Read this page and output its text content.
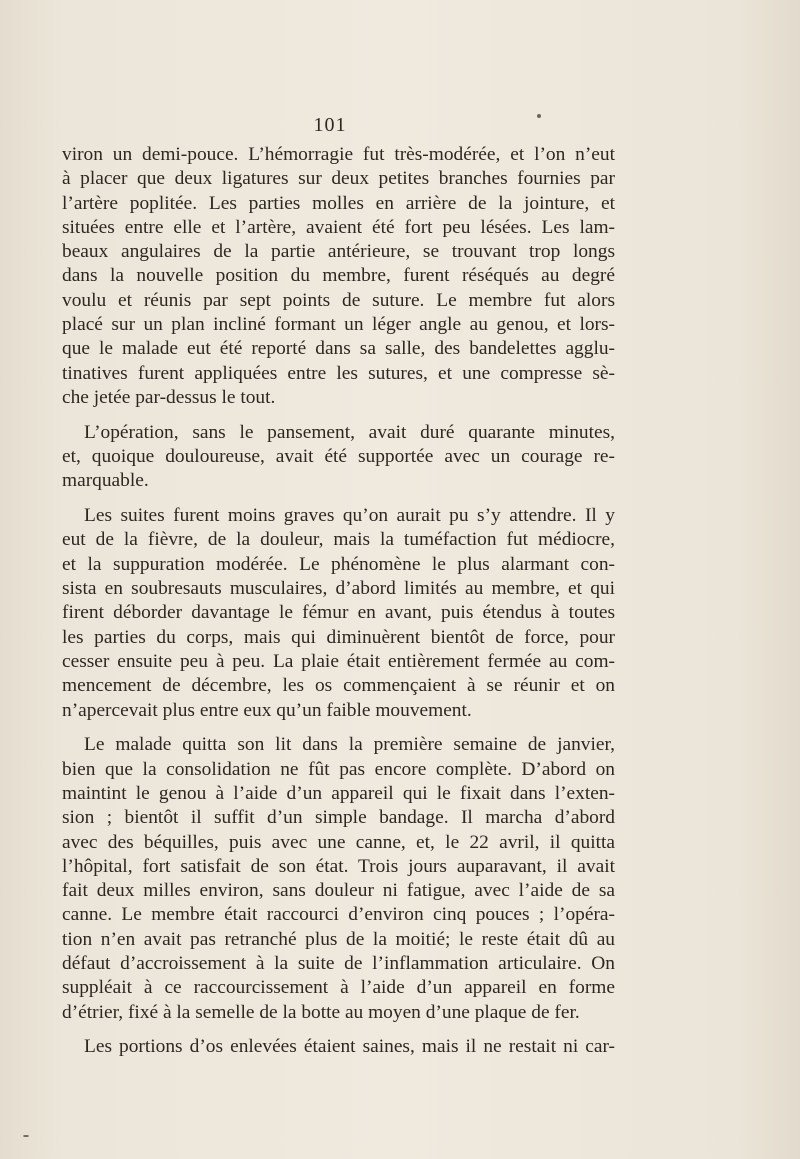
101
viron un demi-pouce. L’hémorragie fut très-modérée, et l’on n’eut
à placer que deux ligatures sur deux petites branches fournies par
l’artère poplitée. Les parties molles en arrière de la jointure, et
situées entre elle et l’artère, avaient été fort peu lésées. Les lam-
beaux angulaires de la partie antérieure, se trouvant trop longs
dans la nouvelle position du membre, furent réséqués au degré
voulu et réunis par sept points de suture. Le membre fut alors
placé sur un plan incliné formant un léger angle au genou, et lors-
que le malade eut été reporté dans sa salle, des bandelettes agglu-
tinatives furent appliquées entre les sutures, et une compresse sè-
che jetée par-dessus le tout.
L’opération, sans le pansement, avait duré quarante minutes,
et, quoique douloureuse, avait été supportée avec un courage re-
marquable.
Les suites furent moins graves qu’on aurait pu s’y attendre. Il y
eut de la fièvre, de la douleur, mais la tuméfaction fut médiocre,
et la suppuration modérée. Le phénomène le plus alarmant con-
sista en soubresauts musculaires, d’abord limités au membre, et qui
firent déborder davantage le fémur en avant, puis étendus à toutes
les parties du corps, mais qui diminuèrent bientôt de force, pour
cesser ensuite peu à peu. La plaie était entièrement fermée au com-
mencement de décembre, les os commençaient à se réunir et on
n’apercevait plus entre eux qu’un faible mouvement.
Le malade quitta son lit dans la première semaine de janvier,
bien que la consolidation ne fût pas encore complète. D’abord on
maintint le genou à l’aide d’un appareil qui le fixait dans l’exten-
sion ; bientôt il suffit d’un simple bandage. Il marcha d’abord
avec des béquilles, puis avec une canne, et, le 22 avril, il quitta
l’hôpital, fort satisfait de son état. Trois jours auparavant, il avait
fait deux milles environ, sans douleur ni fatigue, avec l’aide de sa
canne. Le membre était raccourci d’environ cinq pouces ; l’opéra-
tion n’en avait pas retranché plus de la moitié; le reste était dû au
défaut d’accroissement à la suite de l’inflammation articulaire. On
suppléait à ce raccourcissement à l’aide d’un appareil en forme
d’étrier, fixé à la semelle de la botte au moyen d’une plaque de fer.
Les portions d’os enlevées étaient saines, mais il ne restait ni car-
